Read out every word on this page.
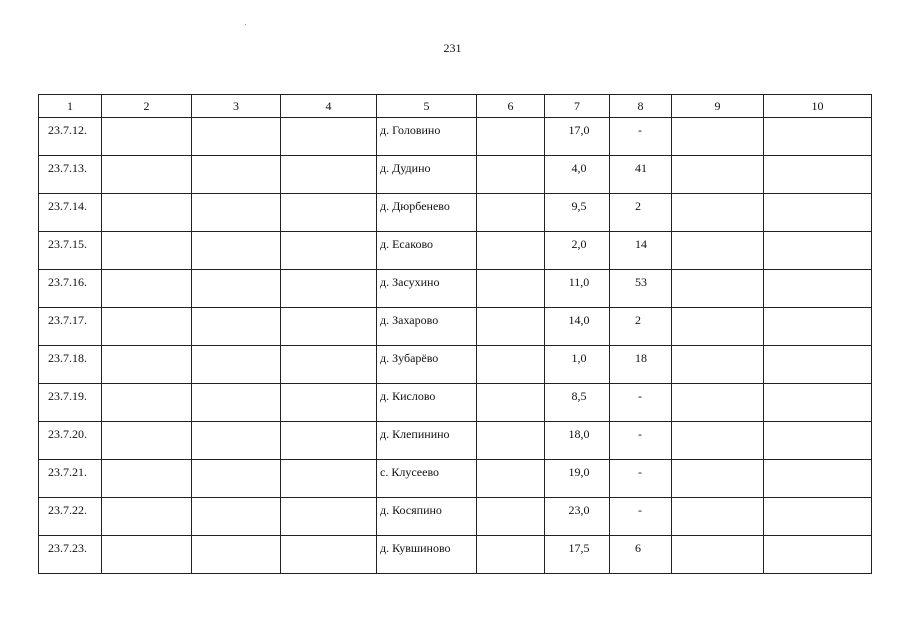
231
1	2	3	4	5	6	7	8	9	10

23.7.12.				д. Головино		17,0	-		

23.7.13.				д. Дудино		4,0	41		

23.7.14.				д. Дюрбенево		9,5	2		

23.7.15.				д. Есаково		2,0	14		

23.7.16.				д. Засухино		11,0	53		

23.7.17.				д. Захарово		14,0	2		

23.7.18.				д. Зубарёво		1,0	18		

23.7.19.				д. Кислово		8,5	-		

23.7.20.				д. Клепинино		18,0	-		

23.7.21.				с. Клусеево		19,0	-		

23.7.22.				д. Косяпино		23,0	-		

23.7.23.				д. Кувшиново		17,5	6		
